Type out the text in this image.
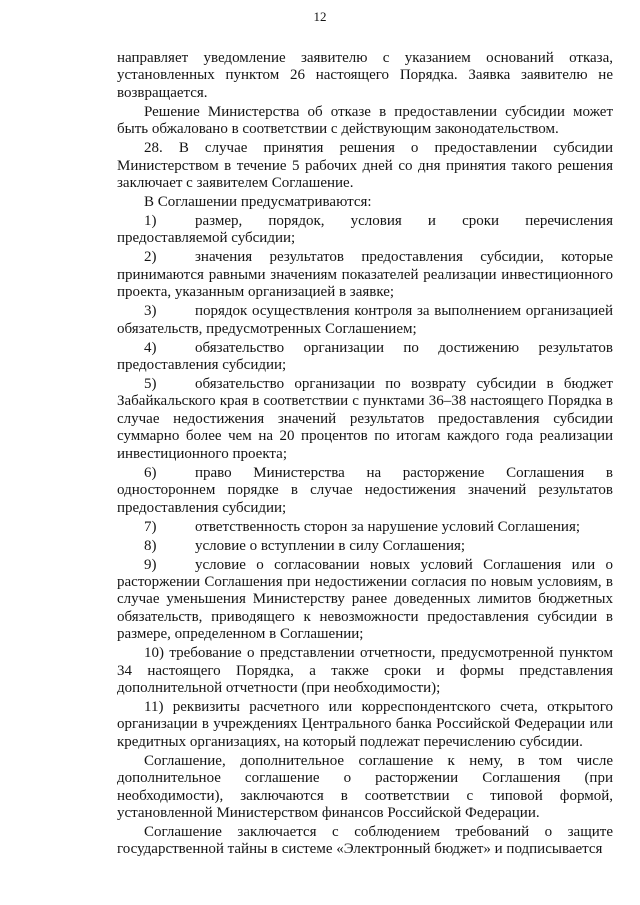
12

направляет уведомление заявителю с указанием оснований отказа, установленных пунктом 26 настоящего Порядка. Заявка заявителю не возвращается.

Решение Министерства об отказе в предоставлении субсидии может быть обжаловано в соответствии с действующим законодательством.

28. В случае принятия решения о предоставлении субсидии Министерством в течение 5 рабочих дней со дня принятия такого решения заключает с заявителем Соглашение.

В Соглашении предусматриваются:

1)	размер, порядок, условия и сроки перечисления предоставляемой субсидии;

2)	значения результатов предоставления субсидии, которые принимаются равными значениям показателей реализации инвестиционного проекта, указанным организацией в заявке;

3)	порядок осуществления контроля за выполнением организацией обязательств, предусмотренных Соглашением;

4)	обязательство организации по достижению результатов предоставления субсидии;

5)	обязательство организации по возврату субсидии в бюджет Забайкальского края в соответствии с пунктами 36–38 настоящего Порядка в случае недостижения значений результатов предоставления субсидии суммарно более чем на 20 процентов по итогам каждого года реализации инвестиционного проекта;

6)	право Министерства на расторжение Соглашения в одностороннем порядке в случае недостижения значений результатов предоставления субсидии;

7)	ответственность сторон за нарушение условий Соглашения;

8)	условие о вступлении в силу Соглашения;

9)	условие о согласовании новых условий Соглашения или о расторжении Соглашения при недостижении согласия по новым условиям, в случае уменьшения Министерству ранее доведенных лимитов бюджетных обязательств, приводящего к невозможности предоставления субсидии в размере, определенном в Соглашении;

10) требование о представлении отчетности, предусмотренной пунктом 34 настоящего Порядка, а также сроки и формы представления дополнительной отчетности (при необходимости);

11) реквизиты расчетного или корреспондентского счета, открытого организации в учреждениях Центрального банка Российской Федерации или кредитных организациях, на который подлежат перечислению субсидии.

Соглашение, дополнительное соглашение к нему, в том числе дополнительное соглашение о расторжении Соглашения (при необходимости), заключаются в соответствии с типовой формой, установленной Министерством финансов Российской Федерации.

Соглашение заключается с соблюдением требований о защите государственной тайны в системе «Электронный бюджет» и подписывается
